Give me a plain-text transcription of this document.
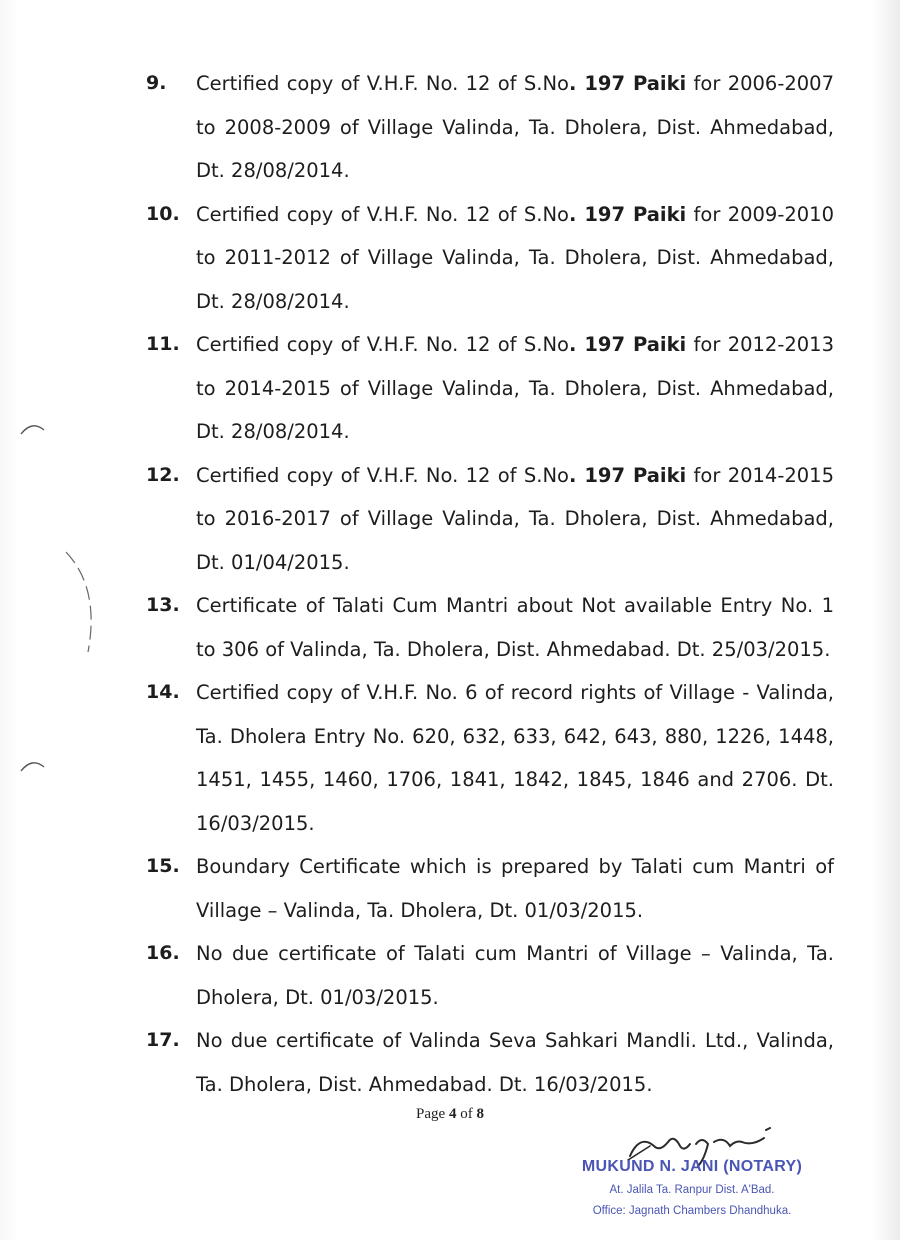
9. Certified copy of V.H.F. No. 12 of S.No. 197 Paiki for 2006-2007 to 2008-2009 of Village Valinda, Ta. Dholera, Dist. Ahmedabad, Dt. 28/08/2014.
10. Certified copy of V.H.F. No. 12 of S.No. 197 Paiki for 2009-2010 to 2011-2012 of Village Valinda, Ta. Dholera, Dist. Ahmedabad, Dt. 28/08/2014.
11. Certified copy of V.H.F. No. 12 of S.No. 197 Paiki for 2012-2013 to 2014-2015 of Village Valinda, Ta. Dholera, Dist. Ahmedabad, Dt. 28/08/2014.
12. Certified copy of V.H.F. No. 12 of S.No. 197 Paiki for 2014-2015 to 2016-2017 of Village Valinda, Ta. Dholera, Dist. Ahmedabad, Dt. 01/04/2015.
13. Certificate of Talati Cum Mantri about Not available Entry No. 1 to 306 of Valinda, Ta. Dholera, Dist. Ahmedabad. Dt. 25/03/2015.
14. Certified copy of V.H.F. No. 6 of record rights of Village - Valinda, Ta. Dholera Entry No. 620, 632, 633, 642, 643, 880, 1226, 1448, 1451, 1455, 1460, 1706, 1841, 1842, 1845, 1846 and 2706. Dt. 16/03/2015.
15. Boundary Certificate which is prepared by Talati cum Mantri of Village – Valinda, Ta. Dholera, Dt. 01/03/2015.
16. No due certificate of Talati cum Mantri of Village – Valinda, Ta. Dholera, Dt. 01/03/2015.
17. No due certificate of Valinda Seva Sahkari Mandli. Ltd., Valinda, Ta. Dholera, Dist. Ahmedabad. Dt. 16/03/2015.
Page 4 of 8
MUKUND N. JANI (NOTARY)
At. Jalila Ta. Ranpur Dist. A'Bad.
Office: Jagnath Chambers Dhandhuka.
